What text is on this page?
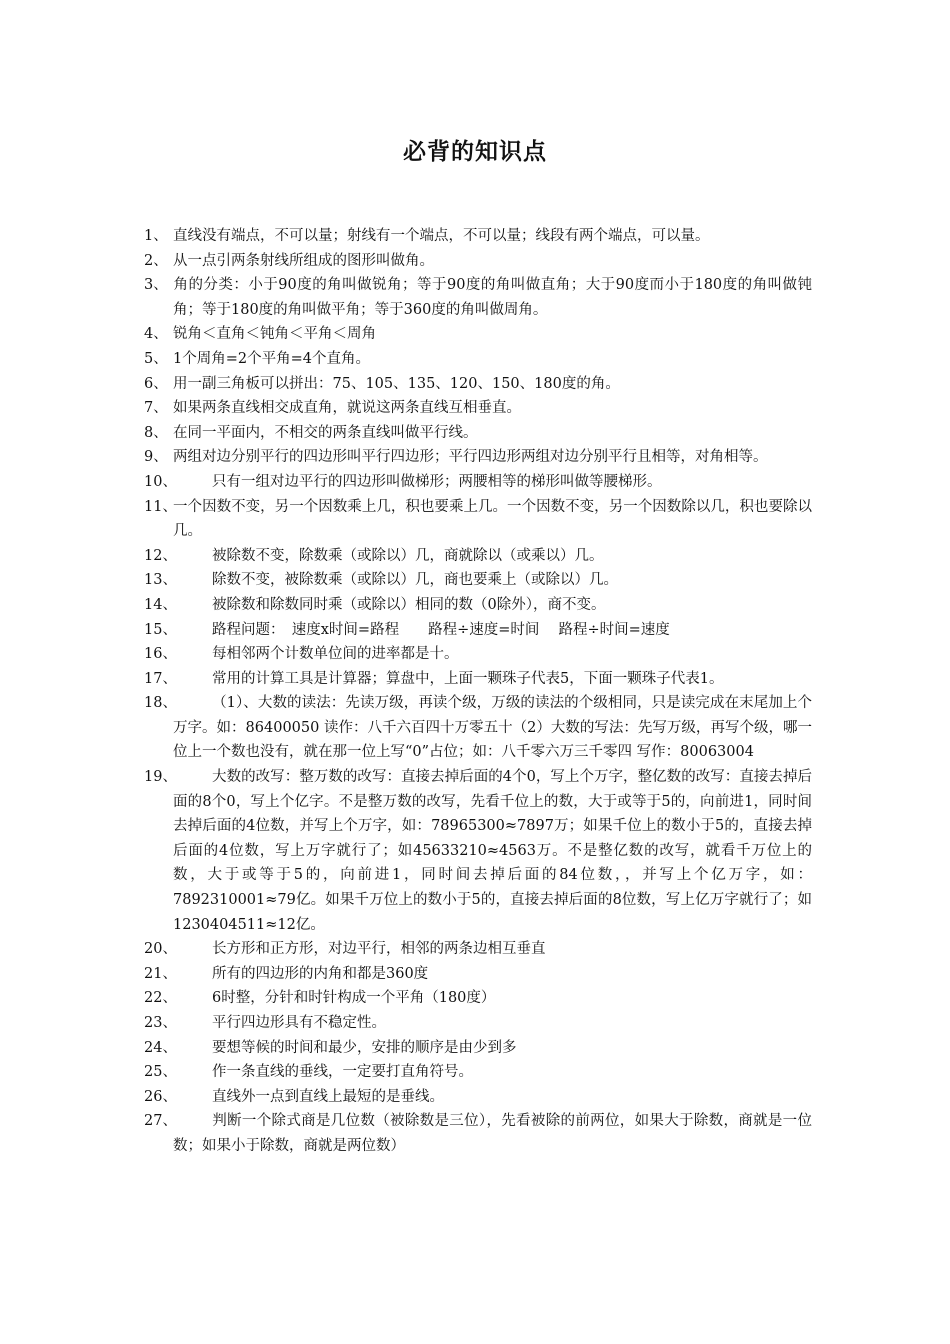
必背的知识点
1、 直线没有端点，不可以量；射线有一个端点，不可以量；线段有两个端点，可以量。
2、 从一点引两条射线所组成的图形叫做角。
3、 角的分类：小于90度的角叫做锐角；等于90度的角叫做直角；大于90度而小于180度的角叫做钝角；等于180度的角叫做平角；等于360度的角叫做周角。
4、 锐角＜直角＜钝角＜平角＜周角
5、 1个周角=2个平角=4个直角。
6、 用一副三角板可以拼出：75、105、135、120、150、180度的角。
7、 如果两条直线相交成直角，就说这两条直线互相垂直。
8、 在同一平面内，不相交的两条直线叫做平行线。
9、 两组对边分别平行的四边形叫平行四边形；平行四边形两组对边分别平行且相等，对角相等。
10、 只有一组对边平行的四边形叫做梯形；两腰相等的梯形叫做等腰梯形。
11、一个因数不变，另一个因数乘上几，积也要乘上几。一个因数不变，另一个因数除以几，积也要除以几。
12、 被除数不变，除数乘（或除以）几，商就除以（或乘以）几。
13、 除数不变，被除数乘（或除以）几，商也要乘上（或除以）几。
14、 被除数和除数同时乘（或除以）相同的数（0除外），商不变。
15、 路程问题：　速度x时间=路程　　路程÷速度=时间　 路程÷时间=速度
16、 每相邻两个计数单位间的进率都是十。
17、 常用的计算工具是计算器；算盘中，上面一颗珠子代表5，下面一颗珠子代表1。
18、 （1）、大数的读法：先读万级，再读个级，万级的读法的个级相同，只是读完成在末尾加上个万字。如：86400050 读作：八千六百四十万零五十（2）大数的写法：先写万级，再写个级，哪一位上一个数也没有，就在那一位上写“0”占位；如：八千零六万三千零四 写作：80063004
19、 大数的改写：整万数的改写：直接去掉后面的4个0，写上个万字，整亿数的改写：直接去掉后面的8个0，写上个亿字。不是整万数的改写，先看千位上的数，大于或等于5的，向前进1，同时间去掉后面的4位数，并写上个万字，如：78965300≈7897万；如果千位上的数小于5的，直接去掉后面的4位数，写上万字就行了；如45633210≈4563万。不是整亿数的改写，就看千万位上的数，大于或等于5的，向前进1，同时间去掉后面的84位数，，并写上个亿万字，如：7892310001≈79亿。如果千万位上的数小于5的，直接去掉后面的8位数，写上亿万字就行了；如1230404511≈12亿。
20、 长方形和正方形，对边平行，相邻的两条边相互垂直
21、 所有的四边形的内角和都是360度
22、 6时整，分针和时针构成一个平角（180度）
23、 平行四边形具有不稳定性。
24、 要想等候的时间和最少，安排的顺序是由少到多
25、 作一条直线的垂线，一定要打直角符号。
26、 直线外一点到直线上最短的是垂线。
27、 判断一个除式商是几位数（被除数是三位），先看被除的前两位，如果大于除数，商就是一位数；如果小于除数，商就是两位数）
